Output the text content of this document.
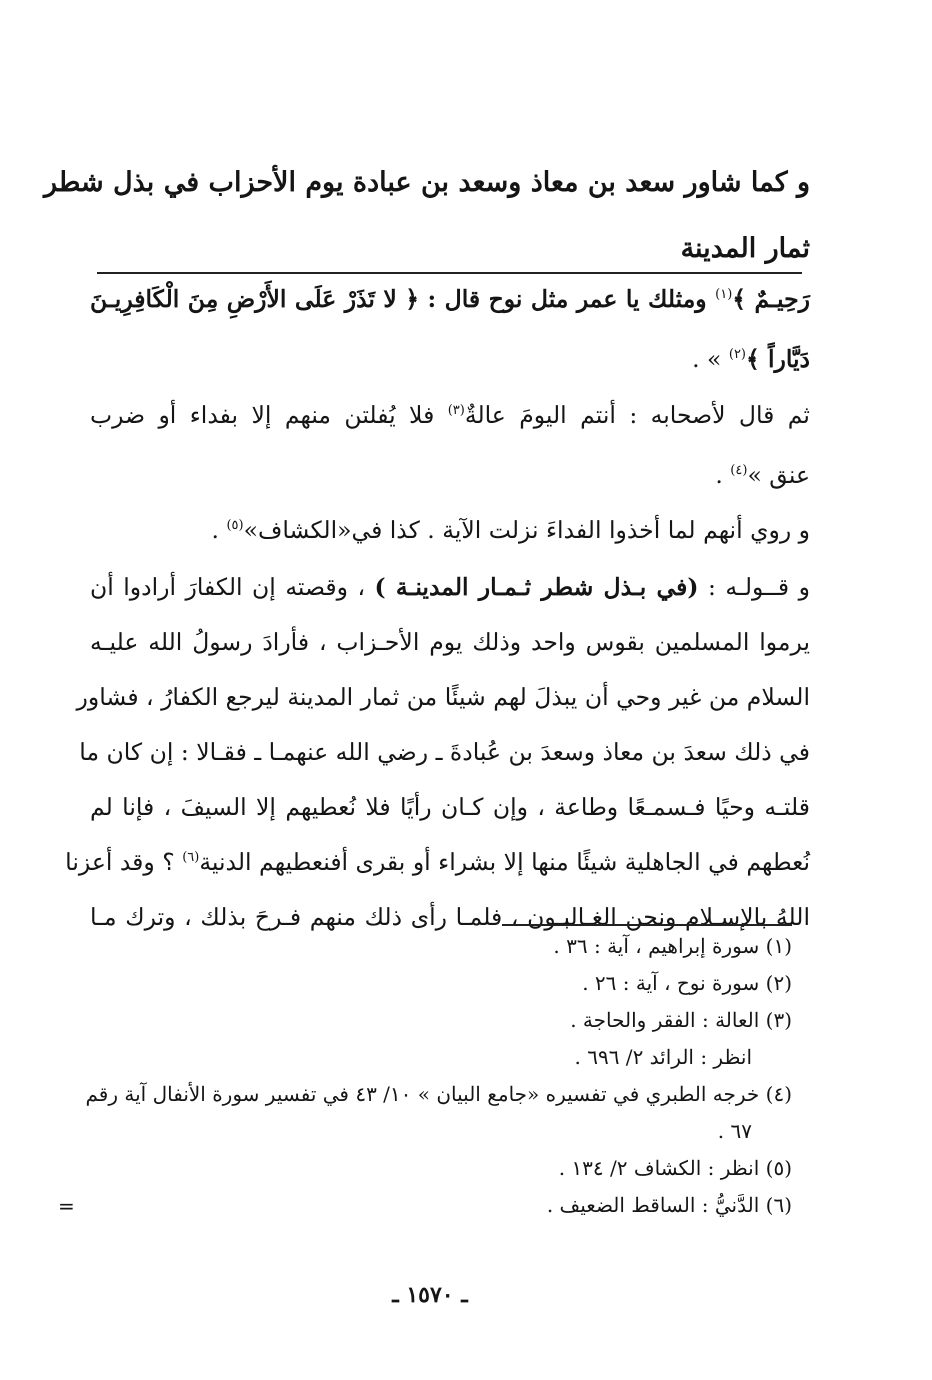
و كما شاور سعد بن معاذ وسعد بن عبادة يوم الأحزاب في بذل شطر
ثمار المدينة
رَحِيـمٌ ﴾$^{(١)}$ ومثلك يا عمر مثل نوح قال : ﴿ لا تَذَرْ عَلَى الأَرْضِ مِنَ الْكَافِرِيـنَ
دَيَّاراً ﴾$^{(٢)}$ » .
ثم قال لأصحابه : أنتم اليومَ عالةٌ$^{(٣)}$ فلا يُفلتن منهم إلا بفداء أو ضرب
عنق »$^{(٤)}$ .
و روي أنهم لما أخذوا الفداءَ نزلت الآية . كذا في«الكشاف»$^{(٥)}$ .
و قــولـه : (في بـذل شطر ثـمـار المدينـة ) ، وقصته إن الكفارَ أرادوا أن
يرموا المسلمين بقوس واحد وذلك يوم الأحـزاب ، فأرادَ رسولُ الله عليـه
السلام من غير وحي أن يبذلَ لهم شيئًا من ثمار المدينة ليرجع الكفارُ ، فشاور
في ذلك سعدَ بن معاذ وسعدَ بن عُبادةَ ـ رضي الله عنهمـا ـ فقـالا : إن كان ما
قلتـه وحيًا فـسمـعًا وطاعة ، وإن كـان رأيًا فلا نُعطيهم إلا السيفَ ، فإنا لم
نُعطهم في الجاهلية شيئًا منها إلا بشراء أو بقرى أفنعطيهم الدنية$^{(٦)}$ ؟ وقد أعزنا
اللهُ بالإسـلام ونحن الغـالبـون ، فلمـا رأى ذلك منهم فـرحَ بذلك ، وترك مـا
(١) سورة إبراهيم ، آية : ٣٦ .
(٢) سورة نوح ، آية : ٢٦ .
(٣) العالة : الفقر والحاجة .
انظر : الرائد ٢/ ٦٩٦ .
(٤) خرجه الطبري في تفسيره «جامع البيان » ١٠/ ٤٣ في تفسير سورة الأنفال آية رقم
٦٧ .
(٥) انظر : الكشاف ٢/ ١٣٤ .
(٦) الدَّنيُّ : الساقط الضعيف .
=
ـ ١٥٧٠ ـ
